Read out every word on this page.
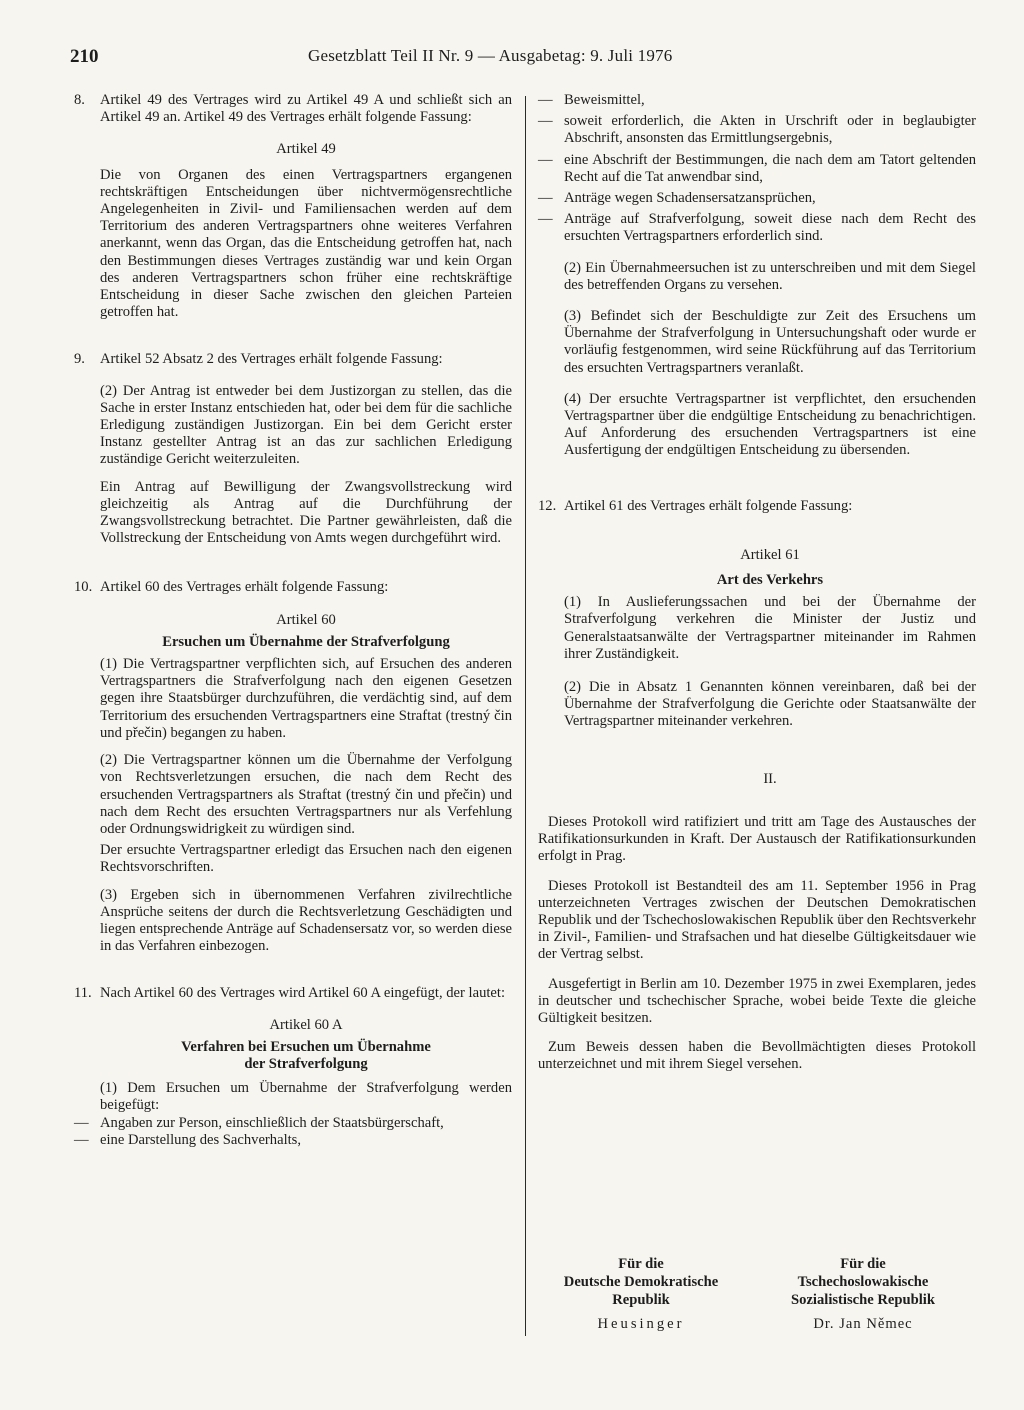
210	Gesetzblatt Teil II Nr. 9 — Ausgabetag: 9. Juli 1976
8. Artikel 49 des Vertrages wird zu Artikel 49 A und schließt sich an Artikel 49 an. Artikel 49 des Vertrages erhält folgende Fassung:

Artikel 49

Die von Organen des einen Vertragspartners ergangenen rechtskräftigen Entscheidungen über nichtvermögensrechtliche Angelegenheiten in Zivil- und Familiensachen werden auf dem Territorium des anderen Vertragspartners ohne weiteres Verfahren anerkannt, wenn das Organ, das die Entscheidung getroffen hat, nach den Bestimmungen dieses Vertrages zuständig war und kein Organ des anderen Vertragspartners schon früher eine rechtskräftige Entscheidung in dieser Sache zwischen den gleichen Parteien getroffen hat.

9. Artikel 52 Absatz 2 des Vertrages erhält folgende Fassung:

(2) Der Antrag ist entweder bei dem Justizorgan zu stellen, das die Sache in erster Instanz entschieden hat, oder bei dem für die sachliche Erledigung zuständigen Justizorgan. Ein bei dem Gericht erster Instanz gestellter Antrag ist an das zur sachlichen Erledigung zuständige Gericht weiterzuleiten.

Ein Antrag auf Bewilligung der Zwangsvollstreckung wird gleichzeitig als Antrag auf die Durchführung der Zwangsvollstreckung betrachtet. Die Partner gewährleisten, daß die Vollstreckung der Entscheidung von Amts wegen durchgeführt wird.

10. Artikel 60 des Vertrages erhält folgende Fassung:

Artikel 60

Ersuchen um Übernahme der Strafverfolgung

(1) Die Vertragspartner verpflichten sich, auf Ersuchen des anderen Vertragspartners die Strafverfolgung nach den eigenen Gesetzen gegen ihre Staatsbürger durchzuführen, die verdächtig sind, auf dem Territorium des ersuchenden Vertragspartners eine Straftat (trestný čin und přečin) begangen zu haben.

(2) Die Vertragspartner können um die Übernahme der Verfolgung von Rechtsverletzungen ersuchen, die nach dem Recht des ersuchenden Vertragspartners als Straftat (trestný čin und přečin) und nach dem Recht des ersuchten Vertragspartners nur als Verfehlung oder Ordnungswidrigkeit zu würdigen sind.

Der ersuchte Vertragspartner erledigt das Ersuchen nach den eigenen Rechtsvorschriften.

(3) Ergeben sich in übernommenen Verfahren zivilrechtliche Ansprüche seitens der durch die Rechtsverletzung Geschädigten und liegen entsprechende Anträge auf Schadensersatz vor, so werden diese in das Verfahren einbezogen.

11. Nach Artikel 60 des Vertrages wird Artikel 60 A eingefügt, der lautet:

Artikel 60 A

Verfahren bei Ersuchen um Übernahme

der Strafverfolgung

(1) Dem Ersuchen um Übernahme der Strafverfolgung werden beigefügt:

— Angaben zur Person, einschließlich der Staatsbürgerschaft,

— eine Darstellung des Sachverhalts,

— Beweismittel,

— soweit erforderlich, die Akten in Urschrift oder in beglaubigter Abschrift, ansonsten das Ermittlungsergebnis,

— eine Abschrift der Bestimmungen, die nach dem am Tatort geltenden Recht auf die Tat anwendbar sind,

— Anträge wegen Schadensersatzansprüchen,

— Anträge auf Strafverfolgung, soweit diese nach dem Recht des ersuchten Vertragspartners erforderlich sind.

(2) Ein Übernahmeersuchen ist zu unterschreiben und mit dem Siegel des betreffenden Organs zu versehen.

(3) Befindet sich der Beschuldigte zur Zeit des Ersuchens um Übernahme der Strafverfolgung in Untersuchungshaft oder wurde er vorläufig festgenommen, wird seine Rückführung auf das Territorium des ersuchten Vertragspartners veranlaßt.

(4) Der ersuchte Vertragspartner ist verpflichtet, den ersuchenden Vertragspartner über die endgültige Entscheidung zu benachrichtigen. Auf Anforderung des ersuchenden Vertragspartners ist eine Ausfertigung der endgültigen Entscheidung zu übersenden.

12. Artikel 61 des Vertrages erhält folgende Fassung:

Artikel 61

Art des Verkehrs

(1) In Auslieferungssachen und bei der Übernahme der Strafverfolgung verkehren die Minister der Justiz und Generalstaatsanwälte der Vertragspartner miteinander im Rahmen ihrer Zuständigkeit.

(2) Die in Absatz 1 Genannten können vereinbaren, daß bei der Übernahme der Strafverfolgung die Gerichte oder Staatsanwälte der Vertragspartner miteinander verkehren.

II.

Dieses Protokoll wird ratifiziert und tritt am Tage des Austausches der Ratifikationsurkunden in Kraft. Der Austausch der Ratifikationsurkunden erfolgt in Prag.

Dieses Protokoll ist Bestandteil des am 11. September 1956 in Prag unterzeichneten Vertrages zwischen der Deutschen Demokratischen Republik und der Tschechoslowakischen Republik über den Rechtsverkehr in Zivil-, Familien- und Strafsachen und hat dieselbe Gültigkeitsdauer wie der Vertrag selbst.

Ausgefertigt in Berlin am 10. Dezember 1975 in zwei Exemplaren, jedes in deutscher und tschechischer Sprache, wobei beide Texte die gleiche Gültigkeit besitzen.

Zum Beweis dessen haben die Bevollmächtigten dieses Protokoll unterzeichnet und mit ihrem Siegel versehen.

Für die
Deutsche Demokratische
Republik
Heusinger
Für die
Tschechoslowakische
Sozialistische Republik
Dr. Jan Němec
